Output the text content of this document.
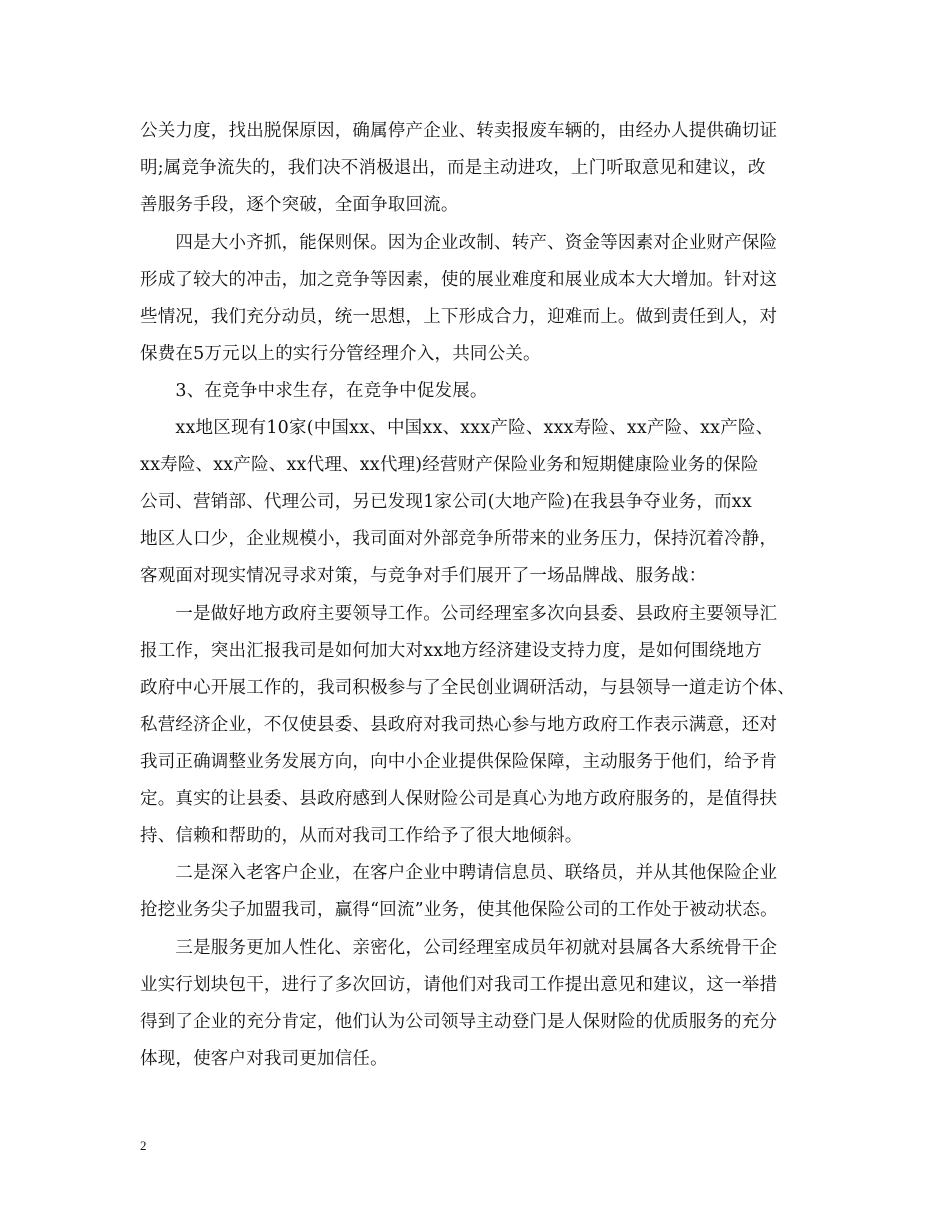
公关力度，找出脱保原因，确属停产企业、转卖报废车辆的，由经办人提供确切证
明;属竞争流失的，我们决不消极退出，而是主动进攻，上门听取意见和建议，改
善服务手段，逐个突破，全面争取回流。
　　四是大小齐抓，能保则保。因为企业改制、转产、资金等因素对企业财产保险
形成了较大的冲击，加之竞争等因素，使的展业难度和展业成本大大增加。针对这
些情况，我们充分动员，统一思想，上下形成合力，迎难而上。做到责任到人，对
保费在5万元以上的实行分管经理介入，共同公关。
　　3、在竞争中求生存，在竞争中促发展。
　　xx地区现有10家(中国xx、中国xx、xxx产险、xxx寿险、xx产险、xx产险、
xx寿险、xx产险、xx代理、xx代理)经营财产保险业务和短期健康险业务的保险
公司、营销部、代理公司，另已发现1家公司(大地产险)在我县争夺业务，而xx
地区人口少，企业规模小，我司面对外部竞争所带来的业务压力，保持沉着冷静，
客观面对现实情况寻求对策，与竞争对手们展开了一场品牌战、服务战：
　　一是做好地方政府主要领导工作。公司经理室多次向县委、县政府主要领导汇
报工作，突出汇报我司是如何加大对xx地方经济建设支持力度，是如何围绕地方
政府中心开展工作的，我司积极参与了全民创业调研活动，与县领导一道走访个体、
私营经济企业，不仅使县委、县政府对我司热心参与地方政府工作表示满意，还对
我司正确调整业务发展方向，向中小企业提供保险保障，主动服务于他们，给予肯
定。真实的让县委、县政府感到人保财险公司是真心为地方政府服务的，是值得扶
持、信赖和帮助的，从而对我司工作给予了很大地倾斜。
　　二是深入老客户企业，在客户企业中聘请信息员、联络员，并从其他保险企业
抢挖业务尖子加盟我司，赢得“回流”业务，使其他保险公司的工作处于被动状态。
　　三是服务更加人性化、亲密化，公司经理室成员年初就对县属各大系统骨干企
业实行划块包干，进行了多次回访，请他们对我司工作提出意见和建议，这一举措
得到了企业的充分肯定，他们认为公司领导主动登门是人保财险的优质服务的充分
体现，使客户对我司更加信任。
2
